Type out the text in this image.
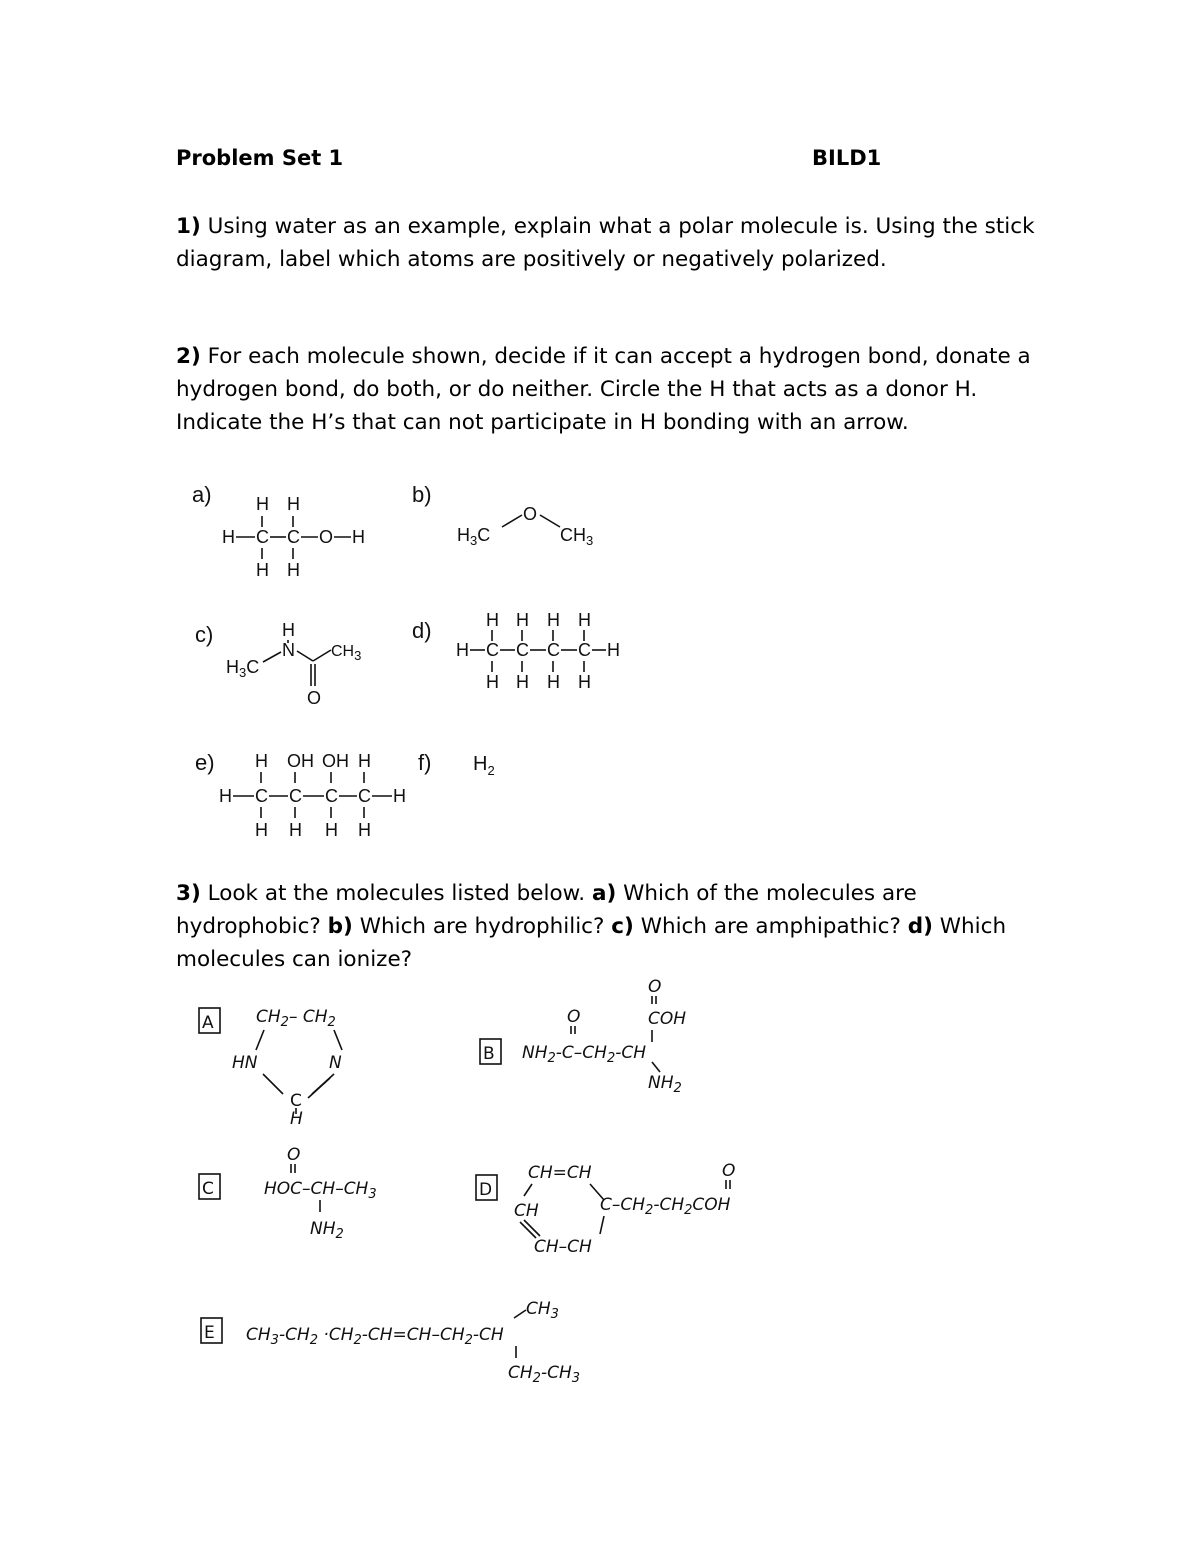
Problem Set 1	BILD1
1) Using water as an example, explain what a polar molecule is. Using the stick diagram, label which atoms are positively or negatively polarized.
2) For each molecule shown, decide if it can accept a hydrogen bond, donate a hydrogen bond, do both, or do neither. Circle the H that acts as a donor H. Indicate the H’s that can not participate in H bonding with an arrow.
a)	b)
c)	d)
e)	f)
H H
H C C O H
H H
$H_3C$
O
$CH_3$
H
N
$H_3C$
$CH_3$
O
H H H H
H C C C C H
H H H H
H OH OH H
H C C C C H
H H H H
$H_2$
3) Look at the molecules listed below. a) Which of the molecules are hydrophobic? b) Which are hydrophilic? c) Which are amphipathic? d) Which molecules can ionize?
A
B
C	D
E
$CH_2-$ $CH_2$
HN	N
C
H
O
COH
O
$NH_2-C-CH_2-CH$
$NH_2$
O
HOC–$CH-CH_3$
$NH_2$
CH=CH
CH	$C-CH_2-CH_2COH$
O
CH–CH
$CH_3-CH_2 \cdot CH_2-CH=CH-CH_2-CH$
$CH_3$
$CH_2-CH_3$
